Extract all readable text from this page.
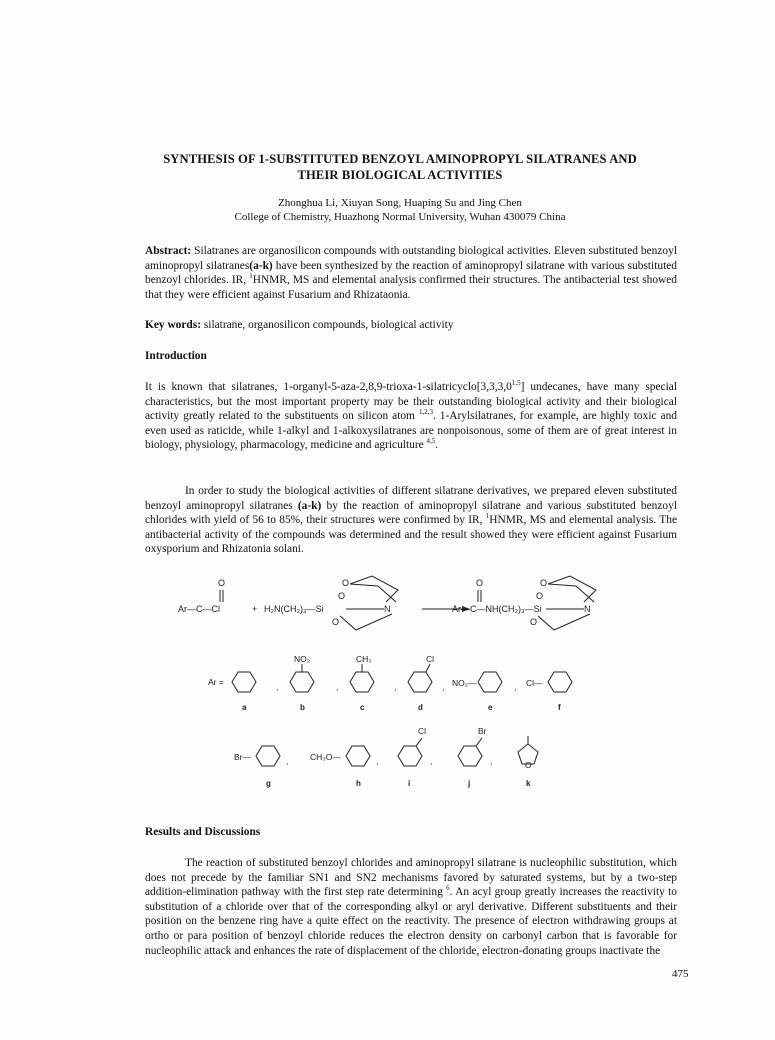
SYNTHESIS OF 1-SUBSTITUTED BENZOYL AMINOPROPYL SILATRANES AND
THEIR BIOLOGICAL ACTIVITIES
Zhonghua Li, Xiuyan Song, Huaping Su and Jing Chen
College of Chemistry, Huazhong Normal University, Wuhan 430079 China
Abstract: Silatranes are organosilicon compounds with outstanding biological activities. Eleven substituted benzoyl aminopropyl silatranes(a-k) have been synthesized by the reaction of aminopropyl silatrane with various substituted benzoyl chlorides. IR, $^1$HNMR, MS and elemental analysis confirmed their structures. The antibacterial test showed that they were efficient against Fusarium and Rhizataonia.
Key words: silatrane, organosilicon compounds, biological activity
Introduction
It is known that silatranes, 1-organyl-5-aza-2,8,9-trioxa-1-silatricyclo[3,3,3,0$^{1,5}$] undecanes, have many special characteristics, but the most important property may be their outstanding biological activity and their biological activity greatly related to the substituents on silicon atom $^{1,2,3}$. 1-Arylsilatranes, for example, are highly toxic and even used as raticide, while 1-alkyl and 1-alkoxysilatranes are nonpoisonous, some of them are of great interest in biology, physiology, pharmacology, medicine and agriculture $^{4,5}$.
In order to study the biological activities of different silatrane derivatives, we prepared eleven substituted benzoyl aminopropyl silatranes (a-k) by the reaction of aminopropyl silatrane and various substituted benzoyl chlorides with yield of 56 to 85%, their structures were confirmed by IR, $^1$HNMR, MS and elemental analysis. The antibacterial activity of the compounds was determined and the result showed they were efficient against Fusarium oxysporium and Rhizatonia solani.
O
Ar—C—Cl	+ H₂N(CH₂)₃—Si	N
O
O
O
O
Ar—C—NH(CH₂)₃—Si	N
O
O
O
Ar =
NO₂	CH₃	Cl
NO₂—	Cl—
,	,	,	,	,
a	b	c	d	e	f
Br—	CH₃O—
Cl	Br
O
,	,	,	,
g	h	i	j	k
Results and Discussions
The reaction of substituted benzoyl chlorides and aminopropyl silatrane is nucleophilic substitution, which does not precede by the familiar SN1 and SN2 mechanisms favored by saturated systems, but by a two-step addition-elimination pathway with the first step rate determining $^6$. An acyl group greatly increases the reactivity to substitution of a chloride over that of the corresponding alkyl or aryl derivative. Different substituents and their position on the benzene ring have a quite effect on the reactivity. The presence of electron withdrawing groups at ortho or para position of benzoyl chloride reduces the electron density on carbonyl carbon that is favorable for nucleophilic attack and enhances the rate of displacement of the chloride, electron-donating groups inactivate the
475
